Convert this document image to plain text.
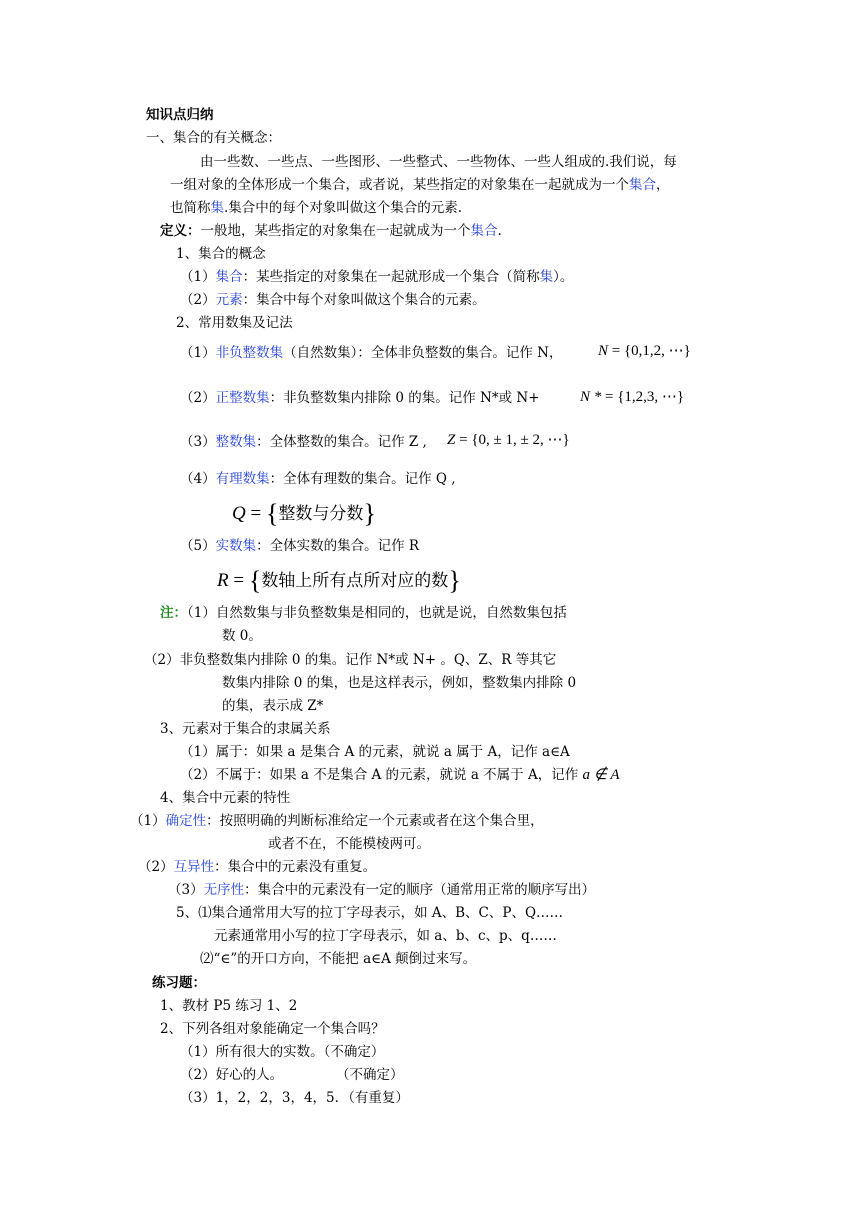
知识点归纳
一、集合的有关概念：
由一些数、一些点、一些图形、一些整式、一些物体、一些人组成的.我们说，每
一组对象的全体形成一个集合，或者说，某些指定的对象集在一起就成为一个集合，
也简称集.集合中的每个对象叫做这个集合的元素.
定义：一般地，某些指定的对象集在一起就成为一个集合.
1、集合的概念
（1）集合：某些指定的对象集在一起就形成一个集合（简称集）。
（2）元素：集合中每个对象叫做这个集合的元素。
2、常用数集及记法
（1）非负整数集（自然数集）：全体非负整数的集合。记作 N， N = {0,1,2, ⋯}
（2）正整数集：非负整数集内排除 0 的集。记作 N*或 N+	N * = {1,2,3, ⋯}
（3）整数集：全体整数的集合。记作 Z , Z = {0, ± 1, ± 2, ⋯}
（4）有理数集：全体有理数的集合。记作 Q ,
Q = {整数与分数}
（5）实数集：全体实数的集合。记作 R
R = {数轴上所有点所对应的数}
注：（1）自然数集与非负整数集是相同的，也就是说，自然数集包括
数 0。
（2）非负整数集内排除 0 的集。记作 N*或 N+ 。Q、Z、R 等其它
数集内排除 0 的集，也是这样表示，例如，整数集内排除 0
的集，表示成 Z*
3、元素对于集合的隶属关系
（1）属于：如果 a 是集合 A 的元素，就说 a 属于 A，记作 a∈A
（2）不属于：如果 a 不是集合 A 的元素，就说 a 不属于 A，记作 a ∉ A
4、集合中元素的特性
（1）确定性：按照明确的判断标准给定一个元素或者在这个集合里，
或者不在，不能模棱两可。
（2）互异性：集合中的元素没有重复。
（3）无序性：集合中的元素没有一定的顺序（通常用正常的顺序写出）
5、⑴集合通常用大写的拉丁字母表示，如 A、B、C、P、Q……
元素通常用小写的拉丁字母表示，如 a、b、c、p、q……
⑵“∈”的开口方向，不能把 a∈A 颠倒过来写。
练习题：
1、教材 P5 练习 1、2
2、下列各组对象能确定一个集合吗？
（1）所有很大的实数。（不确定）
（2）好心的人。	（不确定）
（3）1，2，2，3，4，5．（有重复）
